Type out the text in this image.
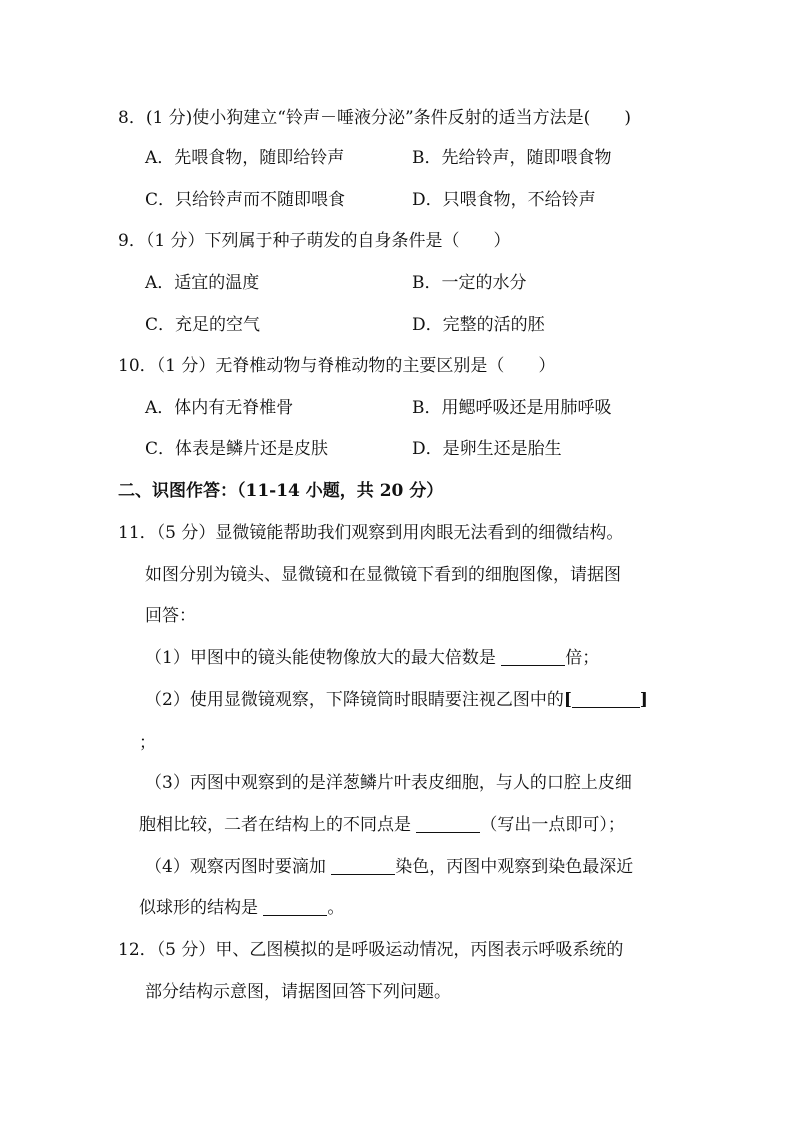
8．(1 分)使小狗建立“铃声－唾液分泌”条件反射的适当方法是(　　)
A．先喂食物，随即给铃声	B．先给铃声，随即喂食物
C．只给铃声而不随即喂食	D．只喂食物，不给铃声
9．（1 分）下列属于种子萌发的自身条件是（　　）
A．适宜的温度	B．一定的水分
C．充足的空气	D．完整的活的胚
10．（1 分）无脊椎动物与脊椎动物的主要区别是（　　）
A．体内有无脊椎骨	B．用鳃呼吸还是用肺呼吸
C．体表是鳞片还是皮肤	D．是卵生还是胎生
二、识图作答：（11-14 小题，共 20 分）
11．（5 分）显微镜能帮助我们观察到用肉眼无法看到的细微结构。
如图分别为镜头、显微镜和在显微镜下看到的细胞图像，请据图
回答：
（1）甲图中的镜头能使物像放大的最大倍数是	倍；
（2）使用显微镜观察，下降镜筒时眼睛要注视乙图中的[	]
；
（3）丙图中观察到的是洋葱鳞片叶表皮细胞，与人的口腔上皮细
胞相比较，二者在结构上的不同点是	（写出一点即可）；
（4）观察丙图时要滴加	染色，丙图中观察到染色最深近
似球形的结构是	。
12．（5 分）甲、乙图模拟的是呼吸运动情况，丙图表示呼吸系统的
部分结构示意图，请据图回答下列问题。
